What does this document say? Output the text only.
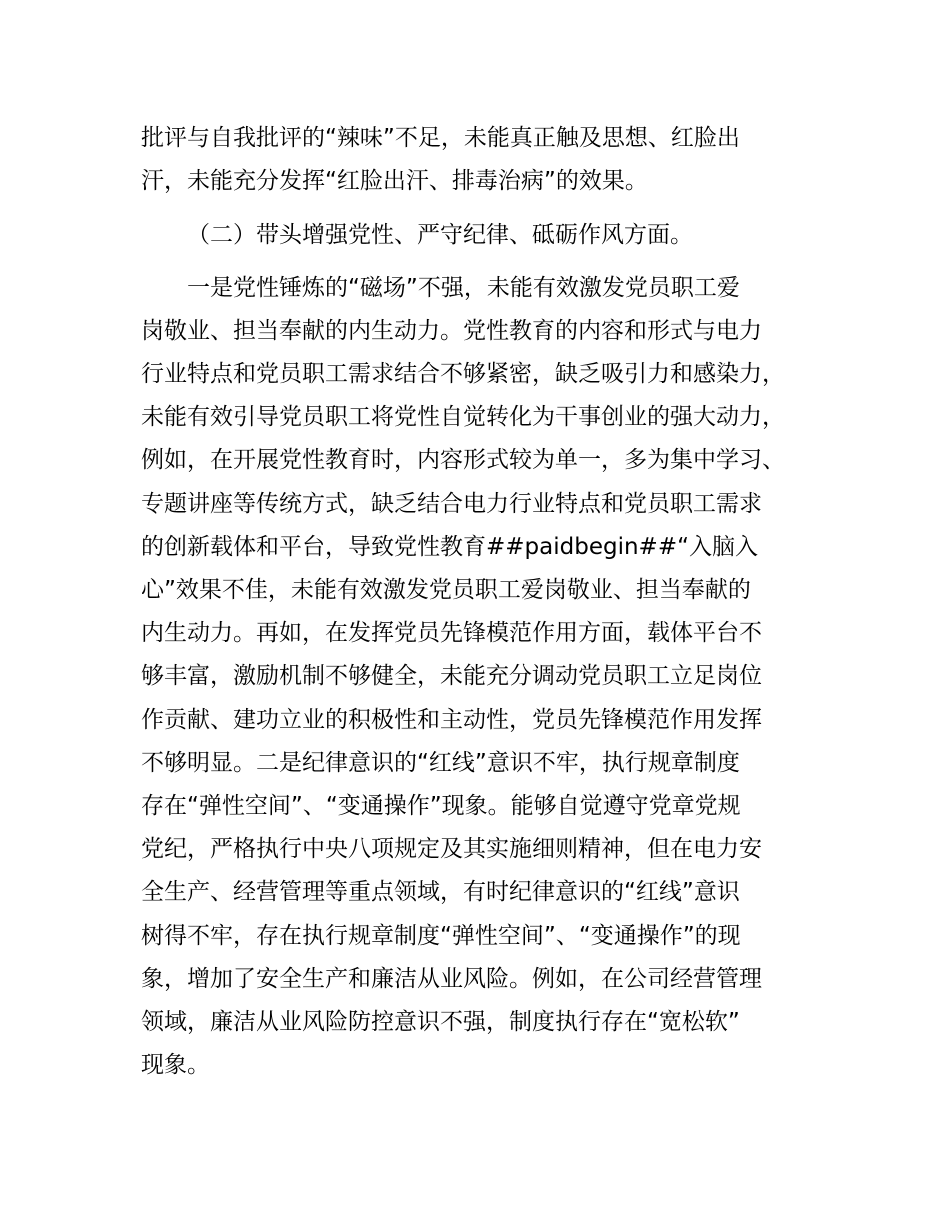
批评与自我批评的“辣味”不足，未能真正触及思想、红脸出
汗，未能充分发挥“红脸出汗、排毒治病”的效果。
（二）带头增强党性、严守纪律、砥砺作风方面。
一是党性锤炼的“磁场”不强，未能有效激发党员职工爱
岗敬业、担当奉献的内生动力。党性教育的内容和形式与电力
行业特点和党员职工需求结合不够紧密，缺乏吸引力和感染力，
未能有效引导党员职工将党性自觉转化为干事创业的强大动力，
例如，在开展党性教育时，内容形式较为单一，多为集中学习、
专题讲座等传统方式，缺乏结合电力行业特点和党员职工需求
的创新载体和平台，导致党性教育##paidbegin##“入脑入
心”效果不佳，未能有效激发党员职工爱岗敬业、担当奉献的
内生动力。再如，在发挥党员先锋模范作用方面，载体平台不
够丰富，激励机制不够健全，未能充分调动党员职工立足岗位
作贡献、建功立业的积极性和主动性，党员先锋模范作用发挥
不够明显。二是纪律意识的“红线”意识不牢，执行规章制度
存在“弹性空间”、“变通操作”现象。能够自觉遵守党章党规
党纪，严格执行中央八项规定及其实施细则精神，但在电力安
全生产、经营管理等重点领域，有时纪律意识的“红线”意识
树得不牢，存在执行规章制度“弹性空间”、“变通操作”的现
象，增加了安全生产和廉洁从业风险。例如，在公司经营管理
领域，廉洁从业风险防控意识不强，制度执行存在“宽松软”
现象。
